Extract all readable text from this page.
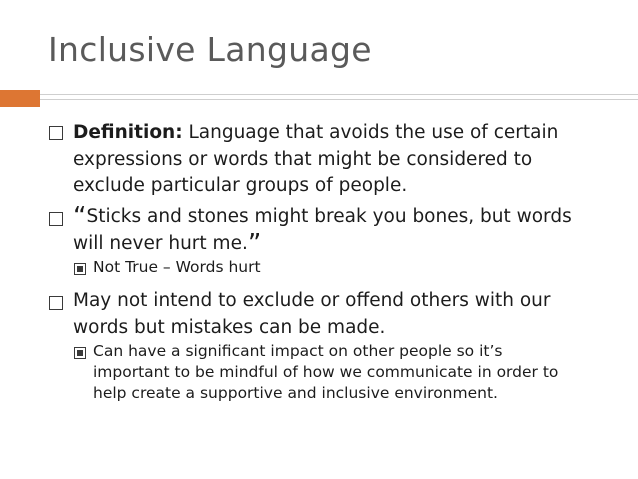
Inclusive Language

Definition: Language that avoids the use of certain
expressions or words that might be considered to
exclude particular groups of people.

“Sticks and stones might break you bones, but words
will never hurt me.”

Not True – Words hurt

May not intend to exclude or offend others with our
words but mistakes can be made.

Can have a significant impact on other people so it’s
important to be mindful of how we communicate in order to
help create a supportive and inclusive environment.
